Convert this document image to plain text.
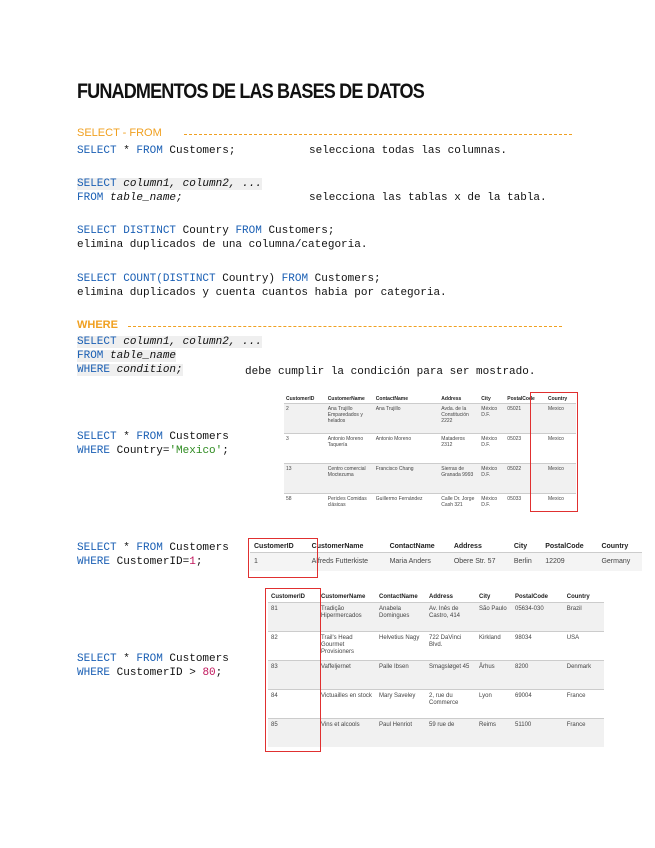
FUNADMENTOS DE LAS BASES DE DATOS
SELECT - FROM
SELECT * FROM Customers;	selecciona todas las columnas.
SELECT column1, column2, ...
FROM table_name;	selecciona las tablas x de la tabla.
SELECT DISTINCT Country FROM Customers;
elimina duplicados de una columna/categoria.
SELECT COUNT(DISTINCT Country) FROM Customers;
elimina duplicados y cuenta cuantos habia por categoria.
WHERE
SELECT column1, column2, ...
FROM table_name
WHERE condition;	debe cumplir la condición para ser mostrado.
SELECT * FROM Customers
WHERE Country='Mexico';
SELECT * FROM Customers
WHERE CustomerID=1;
SELECT * FROM Customers
WHERE CustomerID > 80;
CustomerID	CustomerName	ContactName	Address	City	PostalCode	Country
2	Ana Trujillo Emparedados y helados	Ana Trujillo	Avda. de la Constitución 2222	México D.F.	05021	Mexico
3	Antonio Moreno Taquería	Antonio Moreno	Mataderos 2312	México D.F.	05023	Mexico
13	Centro comercial Moctezuma	Francisco Chang	Sierras de Granada 9993	México D.F.	05022	Mexico
58	Pericles Comidas clásicas	Guillermo Fernández	Calle Dr. Jorge Cash 321	México D.F.	05033	Mexico
CustomerID	CustomerName	ContactName	Address	City	PostalCode	Country
1	Alfreds Futterkiste	Maria Anders	Obere Str. 57	Berlin	12209	Germany
CustomerID	CustomerName	ContactName	Address	City	PostalCode	Country
81	Tradição Hipermercados	Anabela Domingues	Av. Inês de Castro, 414	São Paulo	05634-030	Brazil
82	Trail's Head Gourmet Provisioners	Helvetius Nagy	722 DaVinci Blvd.	Kirkland	98034	USA
83	Vaffeljernet	Palle Ibsen	Smagsløget 45	Århus	8200	Denmark
84	Victuailles en stock	Mary Saveley	2, rue du Commerce	Lyon	69004	France
85	Vins et alcools	Paul Henriot	59 rue de	Reims	51100	France
